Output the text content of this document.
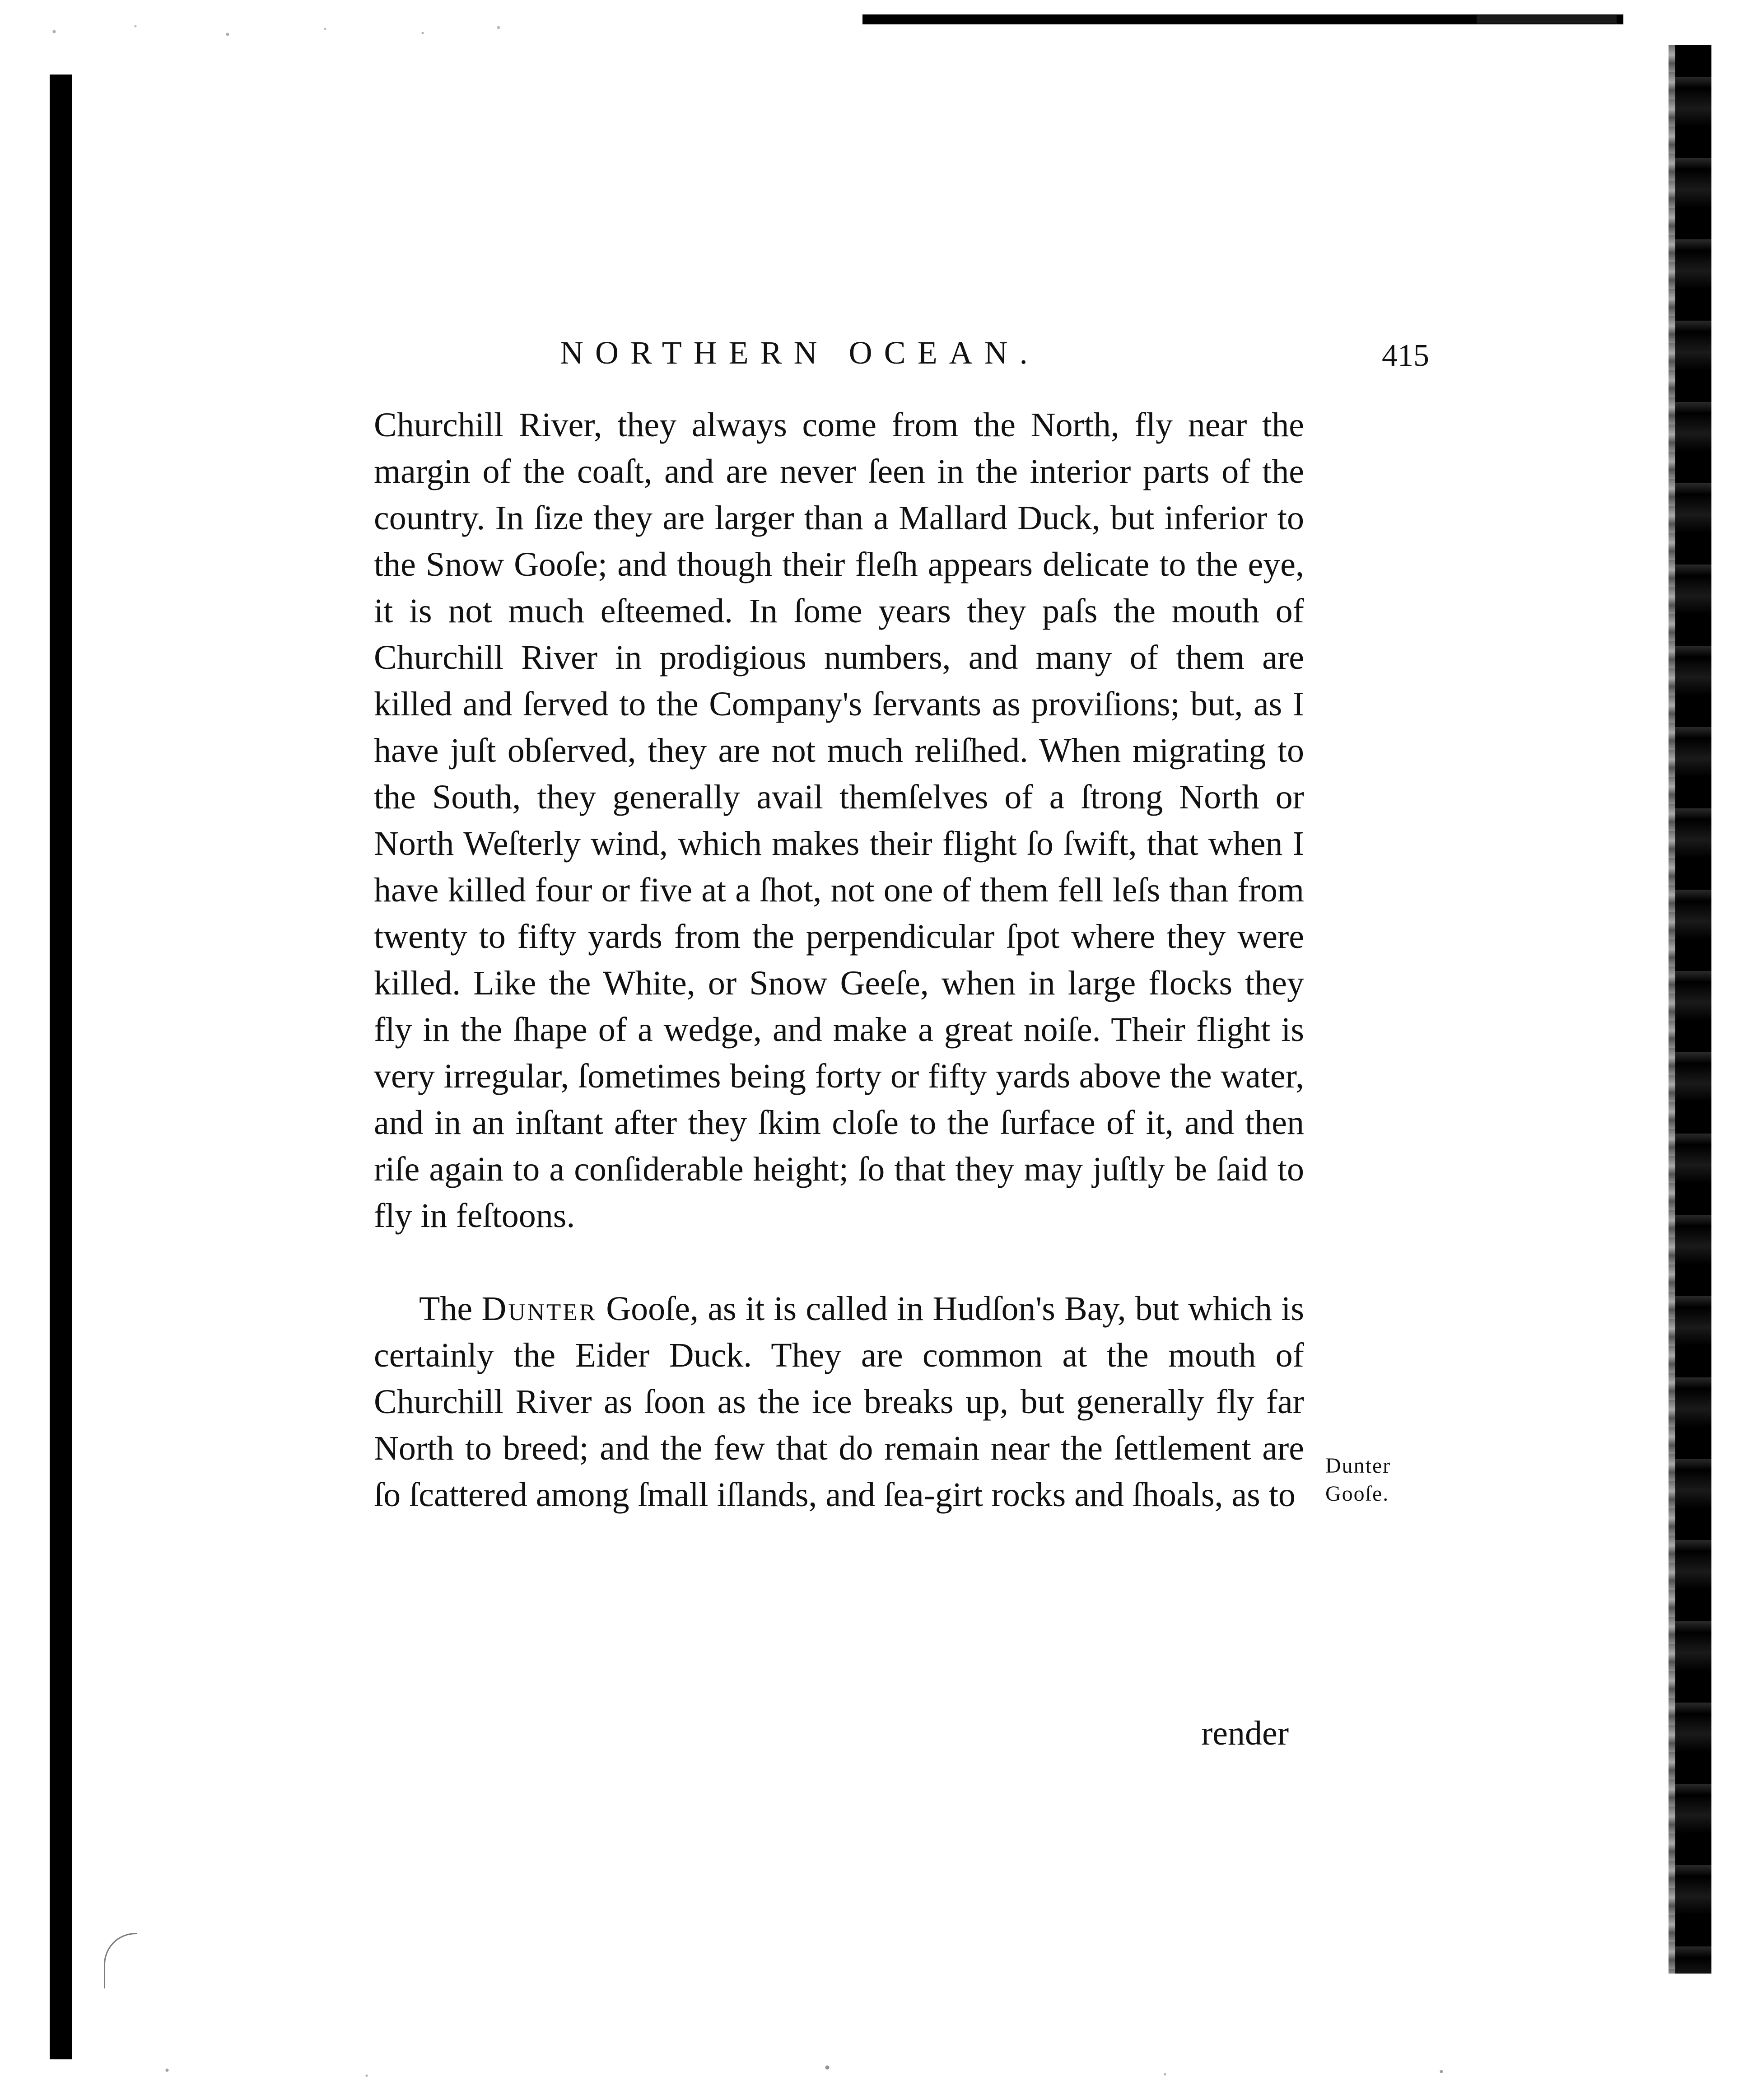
NORTHERN OCEAN.	415

Churchill River, they always come from the North, fly near the margin of the coaſt, and are never ſeen in the interior parts of the country. In ſize they are larger than a Mallard Duck, but inferior to the Snow Gooſe; and though their fleſh appears delicate to the eye, it is not much eſteemed. In ſome years they paſs the mouth of Churchill River in prodigious numbers, and many of them are killed and ſerved to the Company's ſervants as proviſions; but, as I have juſt obſerved, they are not much reliſhed. When migrating to the South, they generally avail themſelves of a ſtrong North or North Weſterly wind, which makes their flight ſo ſwift, that when I have killed four or five at a ſhot, not one of them fell leſs than from twenty to fifty yards from the perpendicular ſpot where they were killed. Like the White, or Snow Geeſe, when in large flocks they fly in the ſhape of a wedge, and make a great noiſe. Their flight is very irregular, ſometimes being forty or fifty yards above the water, and in an inſtant after they ſkim cloſe to the ſurface of it, and then riſe again to a conſiderable height; ſo that they may juſtly be ſaid to fly in feſtoons.

The Dunter Gooſe, as it is called in Hudſon's Bay, but which is certainly the Eider Duck. They are common at the mouth of Churchill River as ſoon as the ice breaks up, but generally fly far North to breed; and the few that do remain near the ſettlement are ſo ſcattered among ſmall iſlands, and ſea-girt rocks and ſhoals, as to

render
Dunter
Gooſe.
